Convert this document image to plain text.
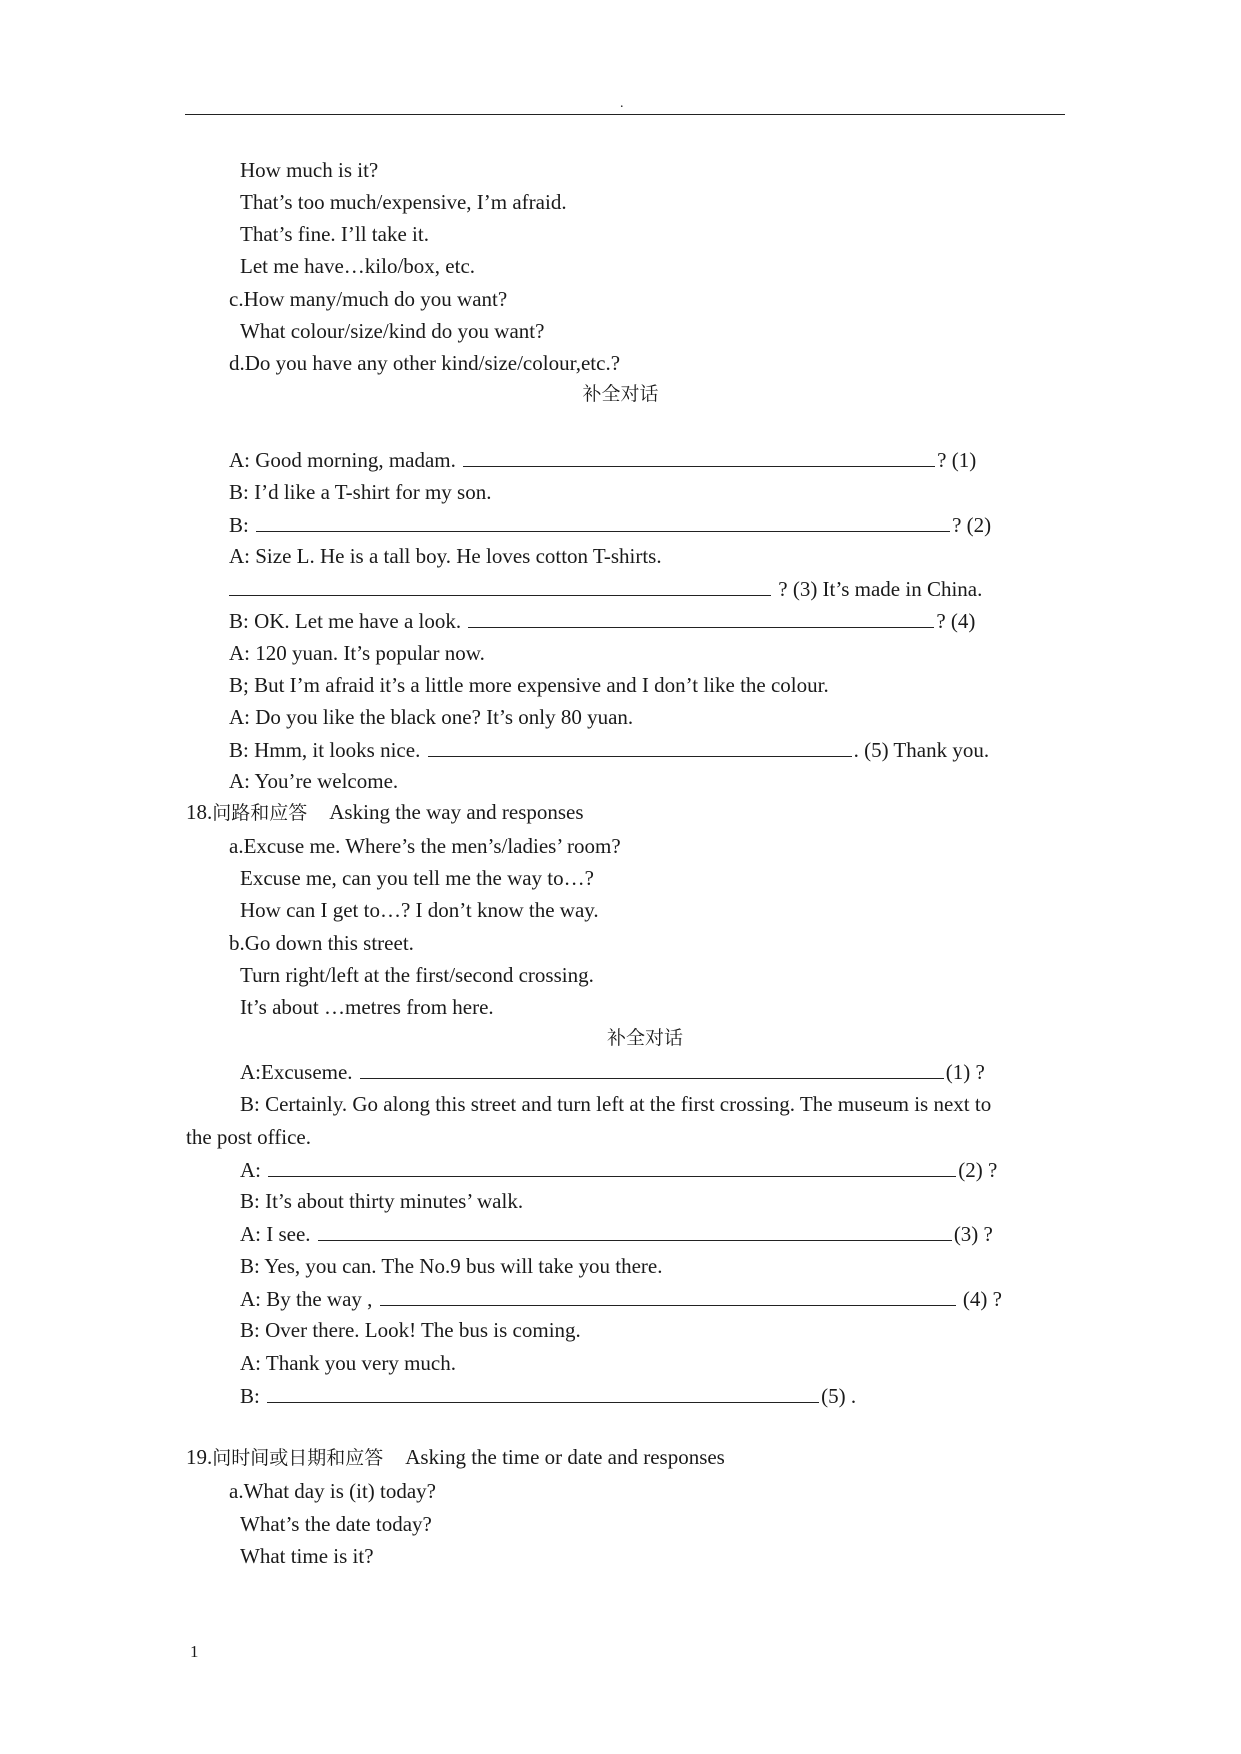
.
How much is it?
That’s too much/expensive, I’m afraid.
That’s fine. I’ll take it.
Let me have…kilo/box, etc.
c.How many/much do you want?
What colour/size/kind do you want?
d.Do you have any other kind/size/colour,etc.?
补全对话
A: Good morning, madam.	? (1)
B: I’d like a T-shirt for my son.
B:	? (2)
A: Size L. He is a tall boy. He loves cotton T-shirts.
? (3) It’s made in China.
B: OK. Let me have a look.	? (4)
A: 120 yuan. It’s popular now.
B; But I’m afraid it’s a little more expensive and I don’t like the colour.
A: Do you like the black one? It’s only 80 yuan.
B: Hmm, it looks nice.	. (5) Thank you.
A: You’re welcome.
18.问路和应答 Asking the way and responses
a.Excuse me. Where’s the men’s/ladies’ room?
Excuse me, can you tell me the way to…?
How can I get to…? I don’t know the way.
b.Go down this street.
Turn right/left at the first/second crossing.
It’s about …metres from here.
补全对话
A:Excuseme.	(1) ?
B: Certainly. Go along this street and turn left at the first crossing. The museum is next to
the post office.
A:	(2) ?
B: It’s about thirty minutes’ walk.
A: I see.	(3) ?
B: Yes, you can. The No.9 bus will take you there.
A: By the way ,	(4) ?
B: Over there. Look! The bus is coming.
A: Thank you very much.
B:	(5) .
19.问时间或日期和应答 Asking the time or date and responses
a.What day is (it) today?
What’s the date today?
What time is it?
1
